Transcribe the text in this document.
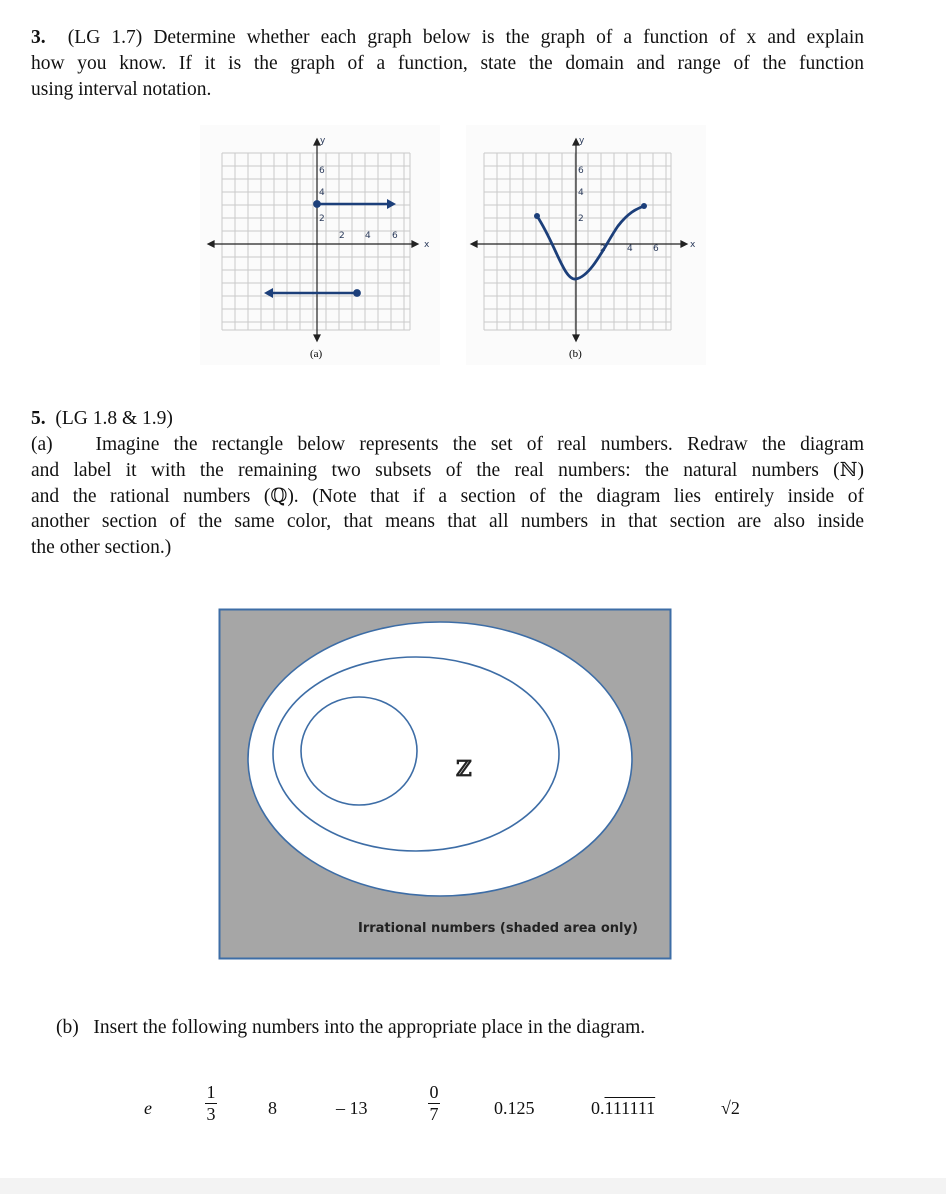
3. (LG 1.7) Determine whether each graph below is the graph of a function of x and explain
how you know. If it is the graph of a function, state the domain and range of the function
using interval notation.
x
y
2 4 6
6
4
2
(a)
x
y
2 4 6
6
4
2
(b)
5. (LG 1.8 & 1.9)
(a) Imagine the rectangle below represents the set of real numbers. Redraw the diagram
and label it with the remaining two subsets of the real numbers: the natural numbers (ℕ)
and the rational numbers (ℚ). (Note that if a section of the diagram lies entirely inside of
another section of the same color, that means that all numbers in that section are also inside
the other section.)
ℤ
Irrational numbers (shaded area only)
(b) Insert the following numbers into the appropriate place in the diagram.
e
1
3	8	– 13
0
7	0.125	0.111111	√2
